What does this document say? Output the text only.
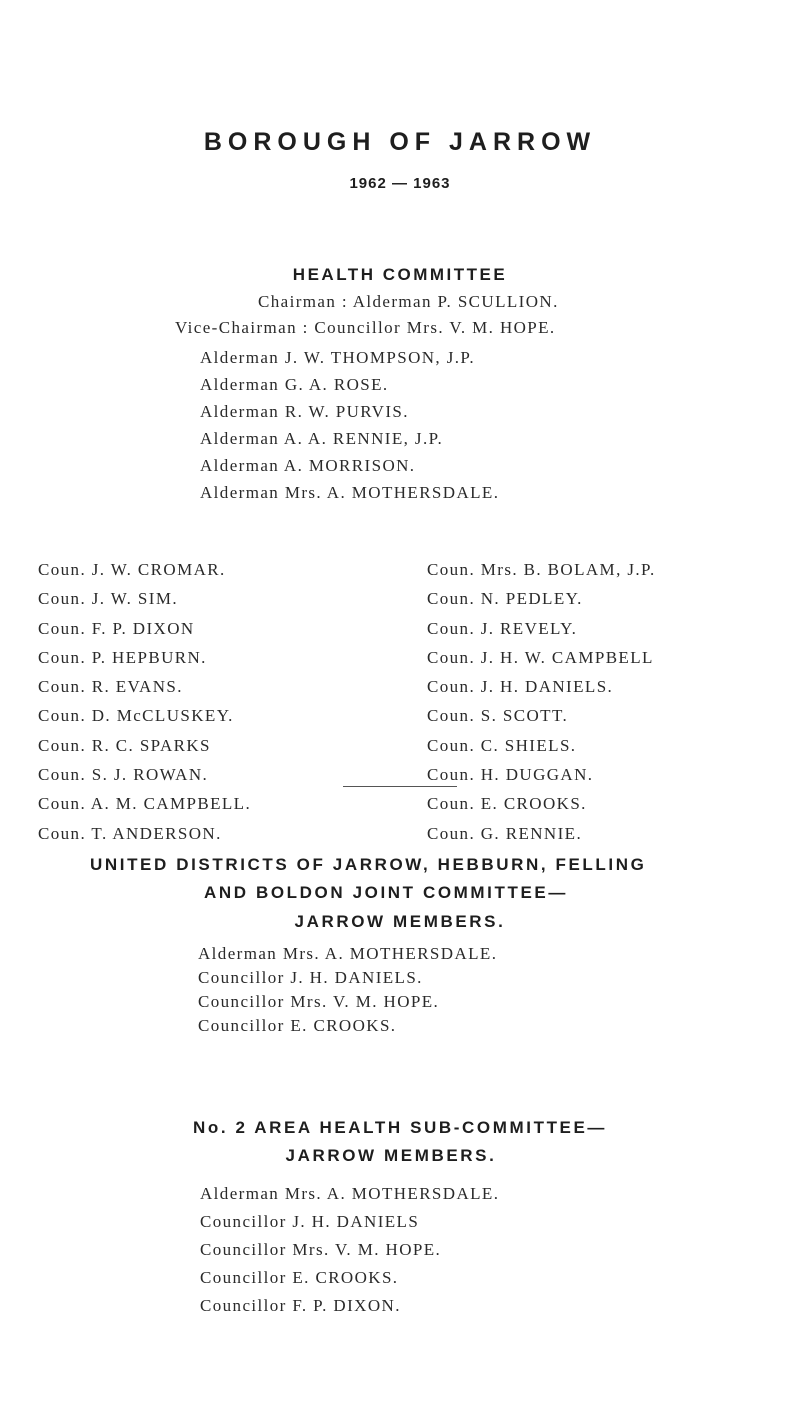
BOROUGH OF JARROW
1962 — 1963
HEALTH COMMITTEE
Chairman : Alderman P. SCULLION.
Vice-Chairman : Councillor Mrs. V. M. HOPE.
Alderman J. W. THOMPSON, J.P.
Alderman G. A. ROSE.
Alderman R. W. PURVIS.
Alderman A. A. RENNIE, J.P.
Alderman A. MORRISON.
Alderman Mrs. A. MOTHERSDALE.
Coun. J. W. CROMAR.
Coun. J. W. SIM.
Coun. F. P. DIXON
Coun. P. HEPBURN.
Coun. R. EVANS.
Coun. D. McCLUSKEY.
Coun. R. C. SPARKS
Coun. S. J. ROWAN.
Coun. A. M. CAMPBELL.
Coun. T. ANDERSON.
Coun. Mrs. B. BOLAM, J.P.
Coun. N. PEDLEY.
Coun. J. REVELY.
Coun. J. H. W. CAMPBELL
Coun. J. H. DANIELS.
Coun. S. SCOTT.
Coun. C. SHIELS.
Coun. H. DUGGAN.
Coun. E. CROOKS.
Coun. G. RENNIE.
UNITED DISTRICTS OF JARROW, HEBBURN, FELLING
AND BOLDON JOINT COMMITTEE—
JARROW MEMBERS.
Alderman Mrs. A. MOTHERSDALE.
Councillor J. H. DANIELS.
Councillor Mrs. V. M. HOPE.
Councillor E. CROOKS.
No. 2 AREA HEALTH SUB-COMMITTEE—
JARROW MEMBERS.
Alderman Mrs. A. MOTHERSDALE.
Councillor J. H. DANIELS
Councillor Mrs. V. M. HOPE.
Councillor E. CROOKS.
Councillor F. P. DIXON.
